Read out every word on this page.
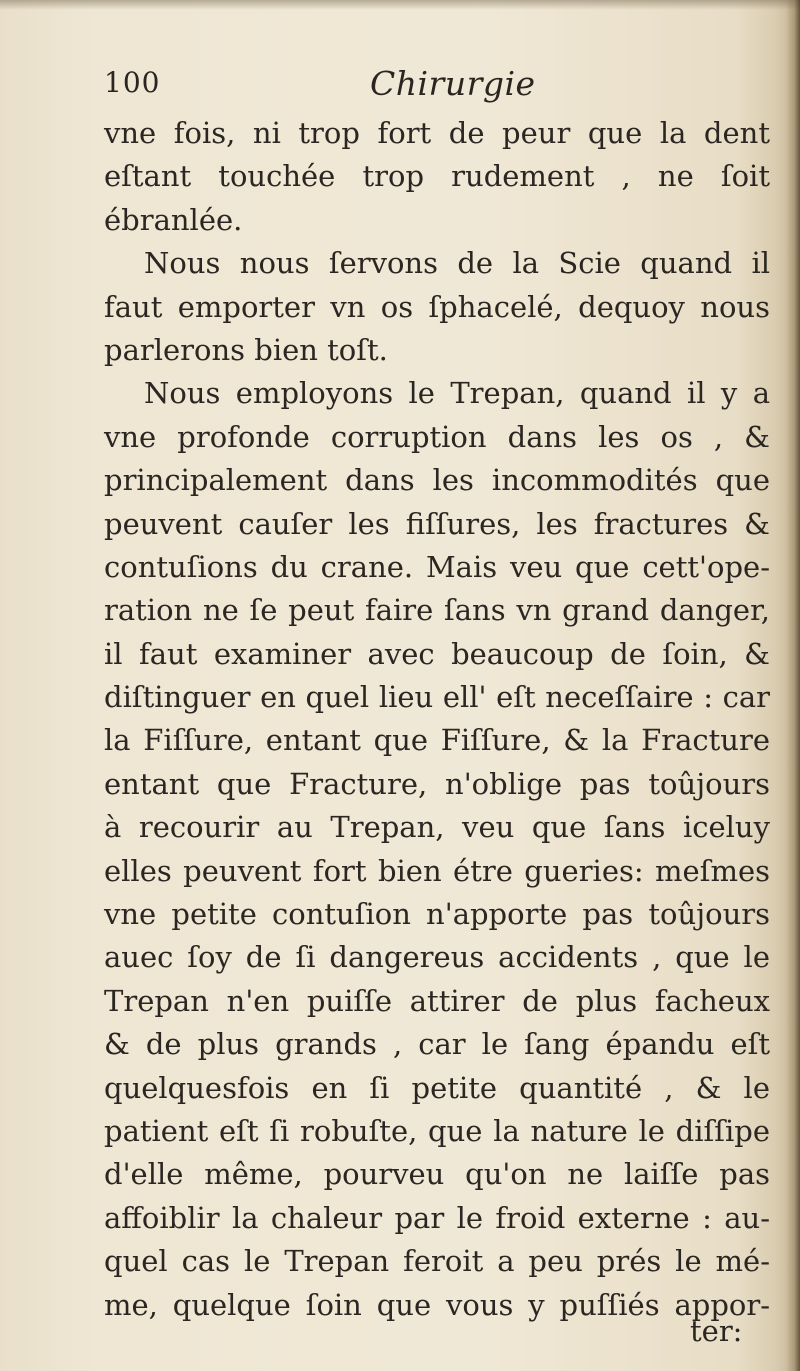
100	Chirurgie
vne fois, ni trop fort de peur que la dent
eſtant touchée trop rudement , ne ſoit
ébranlée.
Nous nous ſervons de la Scie quand il
faut emporter vn os ſphacelé, dequoy nous
parlerons bien toſt.
Nous employons le Trepan, quand il y a
vne profonde corruption dans les os , &
principalement dans les incommodités que
peuvent cauſer les fiſſures, les fractures &
contuſions du crane. Mais veu que cett'ope-
ration ne ſe peut faire ſans vn grand danger,
il faut examiner avec beaucoup de ſoin, &
diſtinguer en quel lieu ell' eſt neceſſaire : car
la Fiſſure, entant que Fiſſure, & la Fracture
entant que Fracture, n'oblige pas toûjours
à recourir au Trepan, veu que ſans iceluy
elles peuvent fort bien étre gueries: meſmes
vne petite contuſion n'apporte pas toûjours
auec ſoy de ſi dangereus accidents , que le
Trepan n'en puiſſe attirer de plus facheux
& de plus grands , car le ſang épandu eſt
quelquesfois en ſi petite quantité , & le
patient eſt ſi robuſte, que la nature le diſſipe
d'elle même, pourveu qu'on ne laiſſe pas
affoiblir la chaleur par le froid externe : au-
quel cas le Trepan feroit a peu prés le mé-
me, quelque ſoin que vous y puſſiés appor-
ter:
